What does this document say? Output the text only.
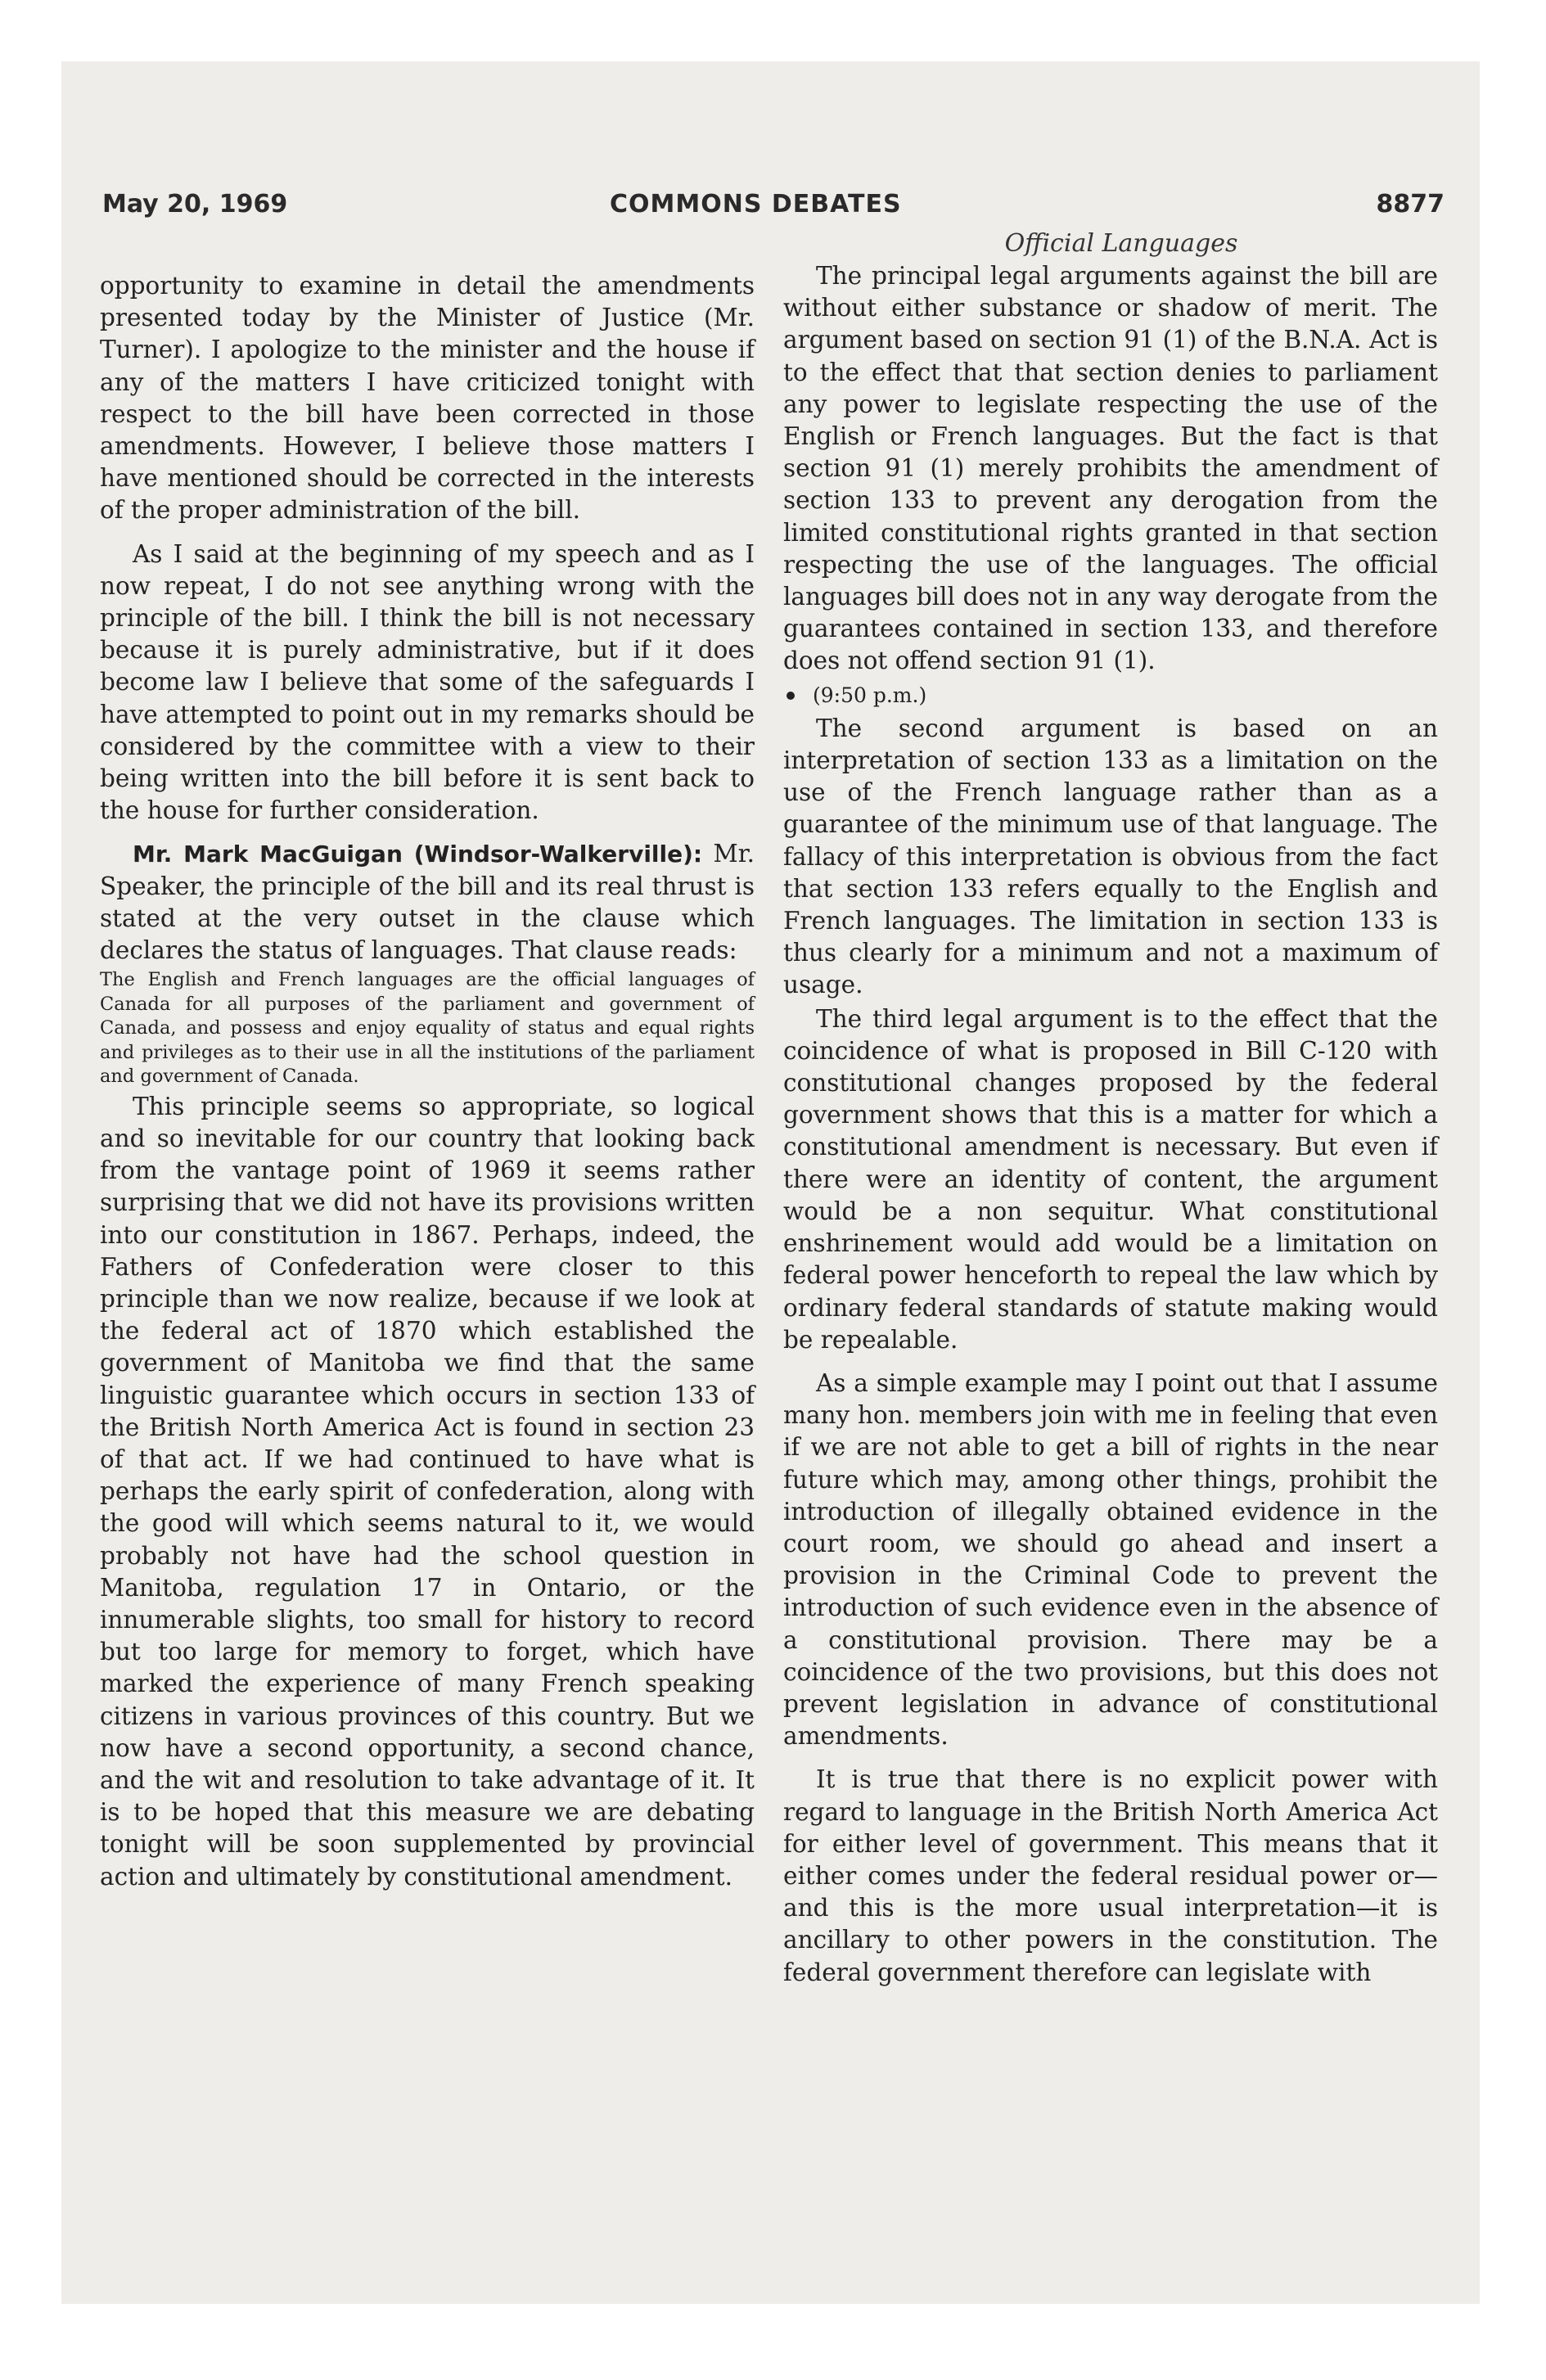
May 20, 1969	COMMONS DEBATES	8877
Official Languages

opportunity to examine in detail the amendments presented today by the Minister of Justice (Mr. Turner). I apologize to the minister and the house if any of the matters I have criticized tonight with respect to the bill have been corrected in those amendments. However, I believe those matters I have mentioned should be corrected in the interests of the proper administration of the bill.

As I said at the beginning of my speech and as I now repeat, I do not see anything wrong with the principle of the bill. I think the bill is not necessary because it is purely administrative, but if it does become law I believe that some of the safeguards I have attempted to point out in my remarks should be considered by the committee with a view to their being written into the bill before it is sent back to the house for further consideration.

Mr. Mark MacGuigan (Windsor-Walkerville): Mr. Speaker, the principle of the bill and its real thrust is stated at the very outset in the clause which declares the status of languages. That clause reads:

The English and French languages are the official languages of Canada for all purposes of the parliament and government of Canada, and possess and enjoy equality of status and equal rights and privileges as to their use in all the institutions of the parliament and government of Canada.

This principle seems so appropriate, so logical and so inevitable for our country that looking back from the vantage point of 1969 it seems rather surprising that we did not have its provisions written into our constitution in 1867. Perhaps, indeed, the Fathers of Confederation were closer to this principle than we now realize, because if we look at the federal act of 1870 which established the government of Manitoba we find that the same linguistic guarantee which occurs in section 133 of the British North America Act is found in section 23 of that act. If we had continued to have what is perhaps the early spirit of confederation, along with the good will which seems natural to it, we would probably not have had the school question in Manitoba, regulation 17 in Ontario, or the innumerable slights, too small for history to record but too large for memory to forget, which have marked the experience of many French speaking citizens in various provinces of this country. But we now have a second opportunity, a second chance, and the wit and resolution to take advantage of it. It is to be hoped that this measure we are debating tonight will be soon supplemented by provincial action and ultimately by constitutional amendment.

The principal legal arguments against the bill are without either substance or shadow of merit. The argument based on section 91 (1) of the B.N.A. Act is to the effect that that section denies to parliament any power to legislate respecting the use of the English or French languages. But the fact is that section 91 (1) merely prohibits the amendment of section 133 to prevent any derogation from the limited constitutional rights granted in that section respecting the use of the languages. The official languages bill does not in any way derogate from the guarantees contained in section 133, and therefore does not offend section 91 (1).

(9:50 p.m.)

The second argument is based on an interpretation of section 133 as a limitation on the use of the French language rather than as a guarantee of the minimum use of that language. The fallacy of this interpretation is obvious from the fact that section 133 refers equally to the English and French languages. The limitation in section 133 is thus clearly for a minimum and not a maximum of usage.

The third legal argument is to the effect that the coincidence of what is proposed in Bill C-120 with constitutional changes proposed by the federal government shows that this is a matter for which a constitutional amendment is necessary. But even if there were an identity of content, the argument would be a non sequitur. What constitutional enshrinement would add would be a limitation on federal power henceforth to repeal the law which by ordinary federal standards of statute making would be repealable.

As a simple example may I point out that I assume many hon. members join with me in feeling that even if we are not able to get a bill of rights in the near future which may, among other things, prohibit the introduction of illegally obtained evidence in the court room, we should go ahead and insert a provision in the Criminal Code to prevent the introduction of such evidence even in the absence of a constitutional provision. There may be a coincidence of the two provisions, but this does not prevent legislation in advance of constitutional amendments.

It is true that there is no explicit power with regard to language in the British North America Act for either level of government. This means that it either comes under the federal residual power or—and this is the more usual interpretation—it is ancillary to other powers in the constitution. The federal government therefore can legislate with
